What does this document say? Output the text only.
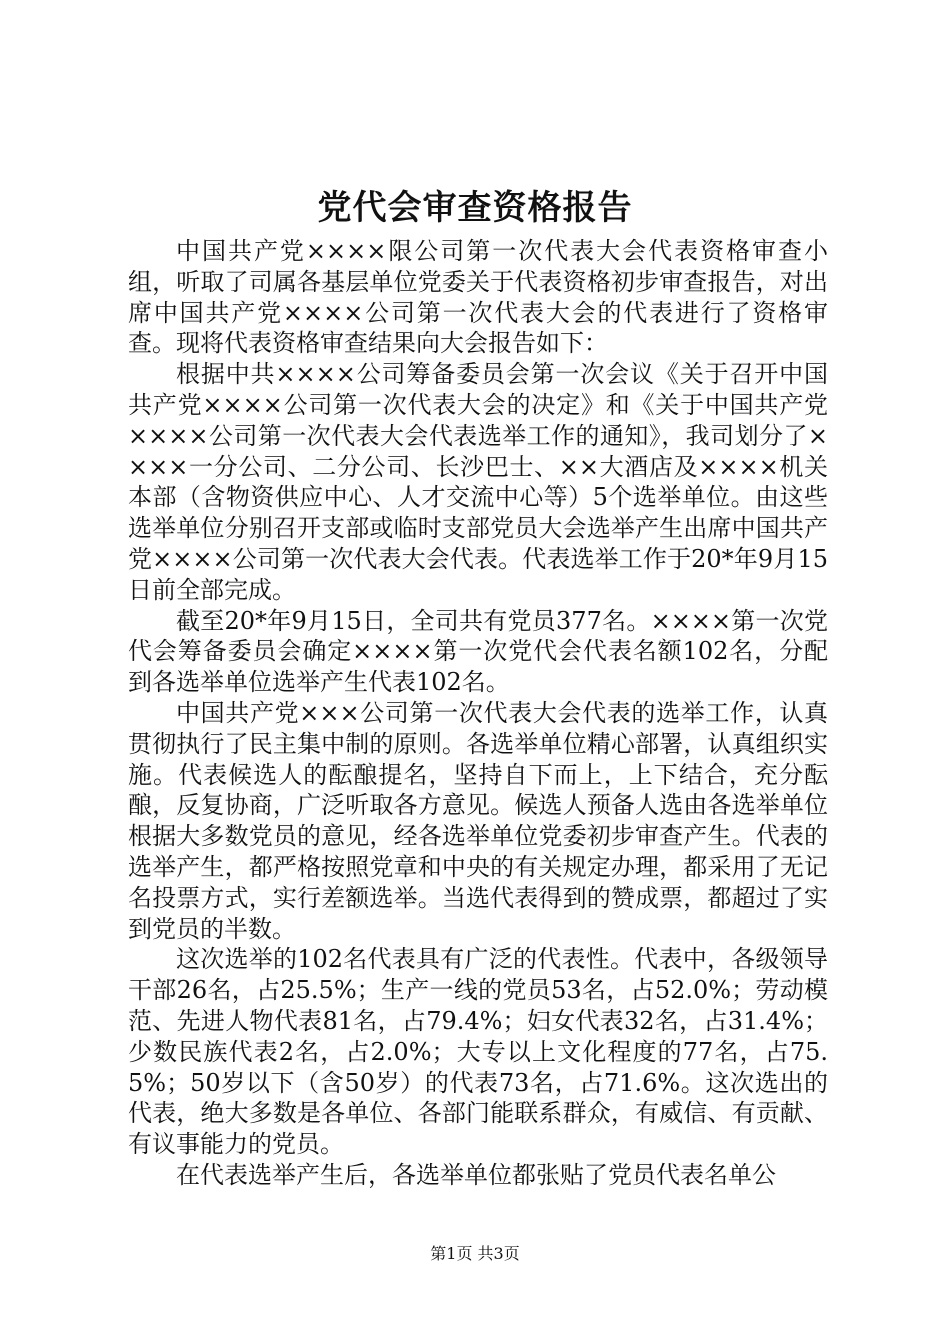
党代会审查资格报告

中国共产党××××限公司第一次代表大会代表资格审查小组，听取了司属各基层单位党委关于代表资格初步审查报告，对出席中国共产党××××公司第一次代表大会的代表进行了资格审查。现将代表资格审查结果向大会报告如下：

根据中共××××公司筹备委员会第一次会议《关于召开中国共产党××××公司第一次代表大会的决定》和《关于中国共产党××××公司第一次代表大会代表选举工作的通知》，我司划分了××××一分公司、二分公司、长沙巴士、××大酒店及××××机关本部（含物资供应中心、人才交流中心等）5个选举单位。由这些选举单位分别召开支部或临时支部党员大会选举产生出席中国共产党××××公司第一次代表大会代表。代表选举工作于20*年9月15日前全部完成。

截至20*年9月15日，全司共有党员377名。××××第一次党代会筹备委员会确定××××第一次党代会代表名额102名，分配到各选举单位选举产生代表102名。

中国共产党×××公司第一次代表大会代表的选举工作，认真贯彻执行了民主集中制的原则。各选举单位精心部署，认真组织实施。代表候选人的酝酿提名，坚持自下而上，上下结合，充分酝酿，反复协商，广泛听取各方意见。候选人预备人选由各选举单位根据大多数党员的意见，经各选举单位党委初步审查产生。代表的选举产生，都严格按照党章和中央的有关规定办理，都采用了无记名投票方式，实行差额选举。当选代表得到的赞成票，都超过了实到党员的半数。

这次选举的102名代表具有广泛的代表性。代表中，各级领导干部26名，占25.5%；生产一线的党员53名，占52.0%；劳动模范、先进人物代表81名，占79.4%；妇女代表32名，占31.4%；少数民族代表2名，占2.0%；大专以上文化程度的77名，占75.5%；50岁以下（含50岁）的代表73名，占71.6%。这次选出的代表，绝大多数是各单位、各部门能联系群众，有威信、有贡献、有议事能力的党员。

在代表选举产生后，各选举单位都张贴了党员代表名单公

第1页 共3页
